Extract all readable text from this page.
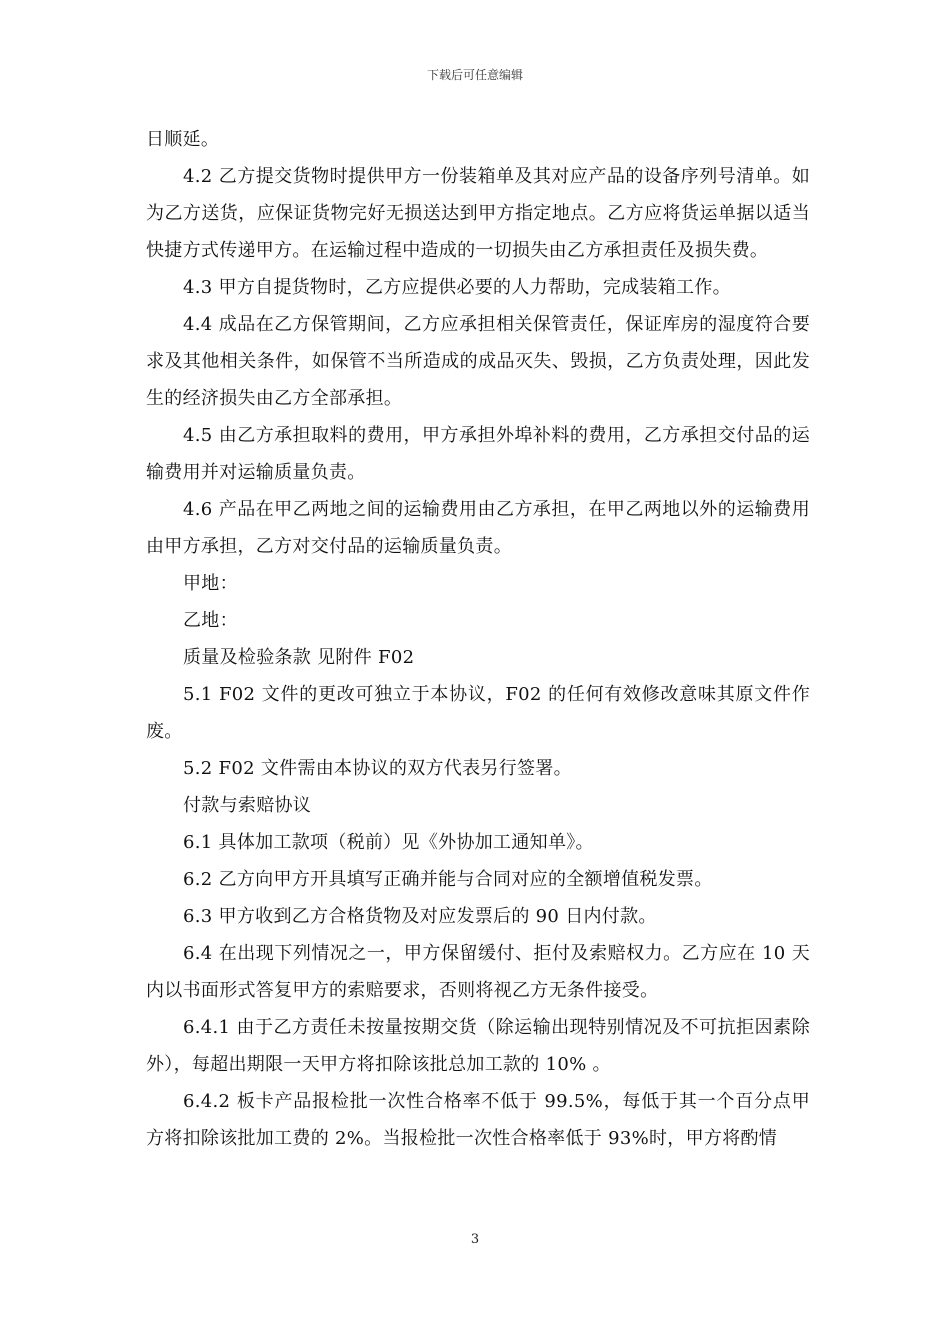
下载后可任意编辑

日顺延。

4.2 乙方提交货物时提供甲方一份装箱单及其对应产品的设备序列号清单。如为乙方送货，应保证货物完好无损送达到甲方指定地点。乙方应将货运单据以适当快捷方式传递甲方。在运输过程中造成的一切损失由乙方承担责任及损失费。

4.3 甲方自提货物时，乙方应提供必要的人力帮助，完成装箱工作。

4.4 成品在乙方保管期间，乙方应承担相关保管责任，保证库房的湿度符合要求及其他相关条件，如保管不当所造成的成品灭失、毁损，乙方负责处理，因此发生的经济损失由乙方全部承担。

4.5 由乙方承担取料的费用，甲方承担外埠补料的费用，乙方承担交付品的运输费用并对运输质量负责。

4.6 产品在甲乙两地之间的运输费用由乙方承担，在甲乙两地以外的运输费用由甲方承担，乙方对交付品的运输质量负责。

甲地：

乙地：

质量及检验条款 见附件 F02

5.1 F02 文件的更改可独立于本协议，F02 的任何有效修改意味其原文件作废。

5.2 F02 文件需由本协议的双方代表另行签署。

付款与索赔协议

6.1 具体加工款项（税前）见《外协加工通知单》。

6.2 乙方向甲方开具填写正确并能与合同对应的全额增值税发票。

6.3 甲方收到乙方合格货物及对应发票后的 90 日内付款。

6.4 在出现下列情况之一，甲方保留缓付、拒付及索赔权力。乙方应在 10 天内以书面形式答复甲方的索赔要求，否则将视乙方无条件接受。

6.4.1 由于乙方责任未按量按期交货（除运输出现特别情况及不可抗拒因素除外），每超出期限一天甲方将扣除该批总加工款的 10% 。

6.4.2 板卡产品报检批一次性合格率不低于 99.5%，每低于其一个百分点甲方将扣除该批加工费的 2%。当报检批一次性合格率低于 93%时，甲方将酌情

3
